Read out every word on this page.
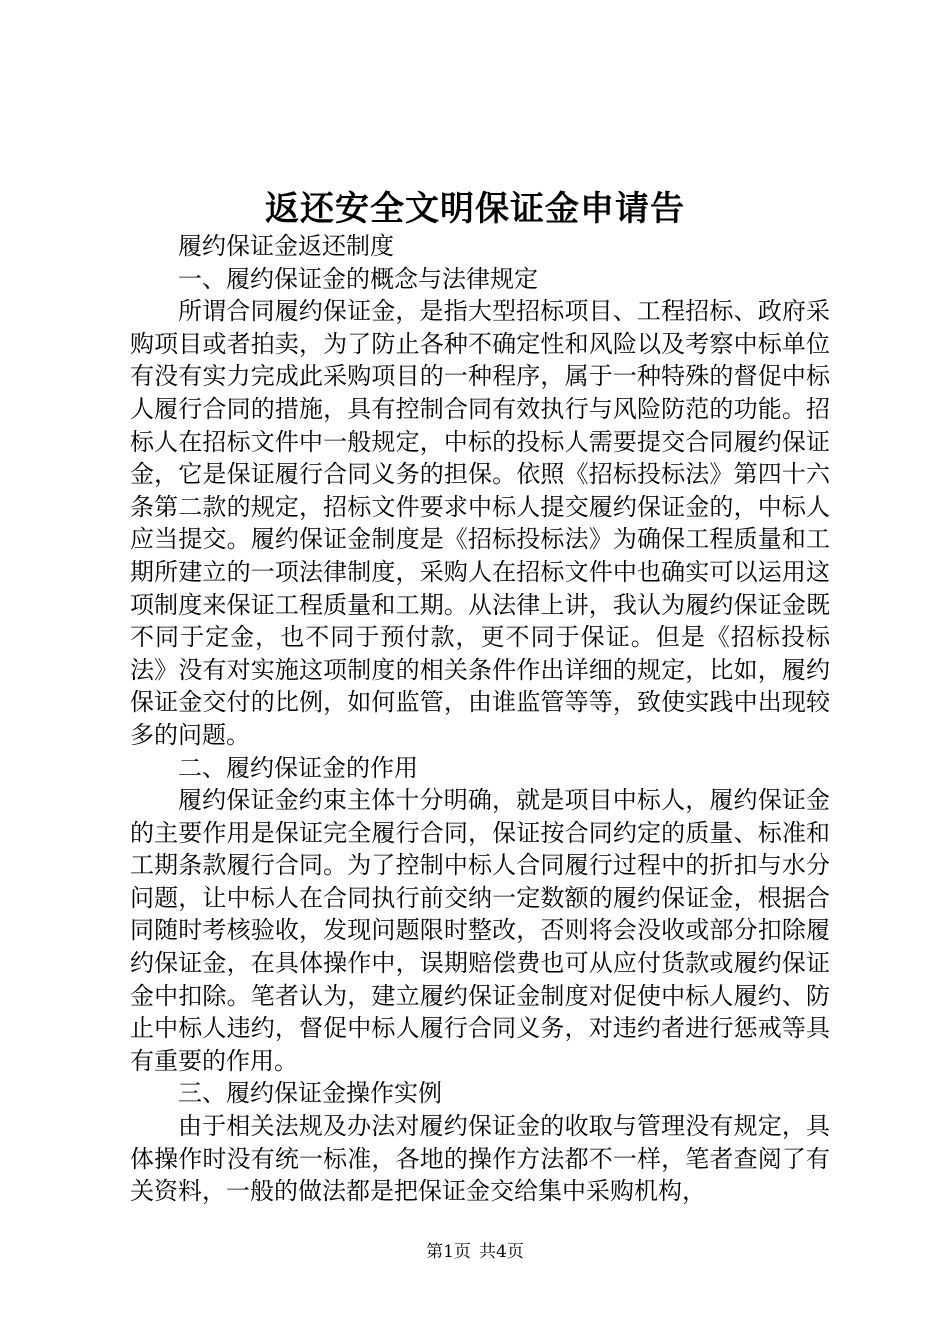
返还安全文明保证金申请告

履约保证金返还制度

一、履约保证金的概念与法律规定

所谓合同履约保证金，是指大型招标项目、工程招标、政府采购项目或者拍卖，为了防止各种不确定性和风险以及考察中标单位有没有实力完成此采购项目的一种程序，属于一种特殊的督促中标人履行合同的措施，具有控制合同有效执行与风险防范的功能。招标人在招标文件中一般规定，中标的投标人需要提交合同履约保证金，它是保证履行合同义务的担保。依照《招标投标法》第四十六条第二款的规定，招标文件要求中标人提交履约保证金的，中标人应当提交。履约保证金制度是《招标投标法》为确保工程质量和工期所建立的一项法律制度，采购人在招标文件中也确实可以运用这项制度来保证工程质量和工期。从法律上讲，我认为履约保证金既不同于定金，也不同于预付款，更不同于保证。但是《招标投标法》没有对实施这项制度的相关条件作出详细的规定，比如，履约保证金交付的比例，如何监管，由谁监管等等，致使实践中出现较多的问题。

二、履约保证金的作用

履约保证金约束主体十分明确，就是项目中标人，履约保证金的主要作用是保证完全履行合同，保证按合同约定的质量、标准和工期条款履行合同。为了控制中标人合同履行过程中的折扣与水分问题，让中标人在合同执行前交纳一定数额的履约保证金，根据合同随时考核验收，发现问题限时整改，否则将会没收或部分扣除履约保证金，在具体操作中，误期赔偿费也可从应付货款或履约保证金中扣除。笔者认为，建立履约保证金制度对促使中标人履约、防止中标人违约，督促中标人履行合同义务，对违约者进行惩戒等具有重要的作用。

三、履约保证金操作实例

由于相关法规及办法对履约保证金的收取与管理没有规定，具体操作时没有统一标准，各地的操作方法都不一样，笔者查阅了有关资料，一般的做法都是把保证金交给集中采购机构，

第1页 共4页
